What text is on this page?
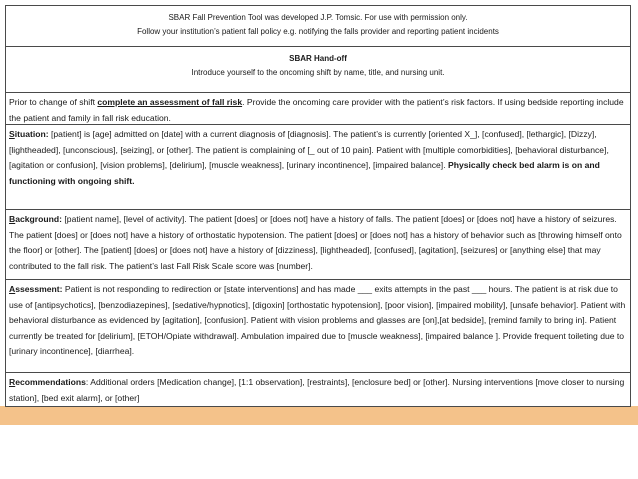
SBAR Fall Prevention Tool was developed J.P. Tomsic. For use with permission only.
Follow your institution’s patient fall policy e.g. notifying the falls provider and reporting patient incidents
SBAR Hand-off
Introduce yourself to the oncoming shift by name, title, and nursing unit.
Prior to change of shift complete an assessment of fall risk. Provide the oncoming care provider with the patient’s risk factors. If using bedside reporting include the patient and family in fall risk education.
Situation: [patient] is [age] admitted on [date] with a current diagnosis of [diagnosis]. The patient’s is currently [oriented X_], [confused], [lethargic], [Dizzy], [lightheaded], [unconscious], [seizing], or [other]. The patient is complaining of [_ out of 10 pain]. Patient with [multiple comorbidities], [behavioral disturbance], [agitation or confusion], [vision problems], [delirium], [muscle weakness], [urinary incontinence], [impaired balance]. Physically check bed alarm is on and functioning with ongoing shift.
Background: [patient name], [level of activity]. The patient [does] or [does not] have a history of falls. The patient [does] or [does not] have a history of seizures. The patient [does] or [does not] have a history of orthostatic hypotension. The patient [does] or [does not] has a history of behavior such as [throwing himself onto the floor] or [other]. The [patient] [does] or [does not] have a history of [dizziness], [lightheaded], [confused], [agitation], [seizures] or [anything else] that may contributed to the fall risk. The patient’s last Fall Risk Scale score was [number].
Assessment: Patient is not responding to redirection or [state interventions] and has made ___ exits attempts in the past ___ hours. The patient is at risk due to use of [antipsychotics], [benzodiazepines], [sedative/hypnotics], [digoxin] [orthostatic hypotension], [poor vision], [impaired mobility], [unsafe behavior]. Patient with behavioral disturbance as evidenced by [agitation], [confusion]. Patient with vision problems and glasses are [on],[at bedside], [remind family to bring in]. Patient currently be treated for [delirium], [ETOH/Opiate withdrawal]. Ambulation impaired due to [muscle weakness], [impaired balance ]. Provide frequent toileting due to [urinary incontinence], [diarrhea].
Recommendations: Additional orders [Medication change], [1:1 observation], [restraints], [enclosure bed] or [other]. Nursing interventions [move closer to nursing station], [bed exit alarm], or [other]
